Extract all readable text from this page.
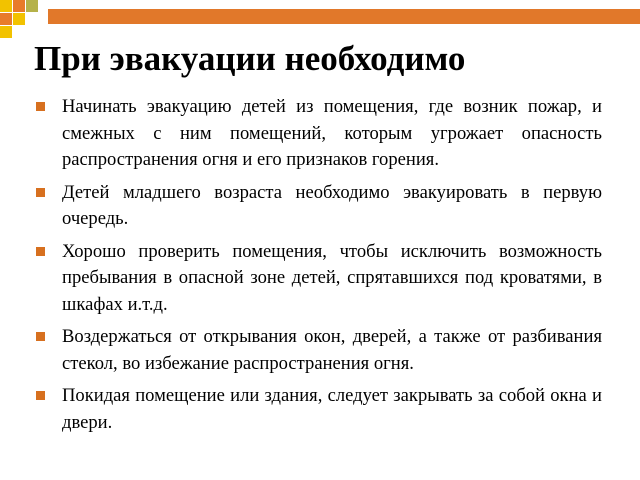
При эвакуации необходимо
Начинать эвакуацию детей из помещения, где возник пожар, и смежных с ним помещений, которым угрожает опасность распространения огня и его признаков горения.
Детей младшего возраста необходимо эвакуировать в первую очередь.
Хорошо проверить помещения, чтобы исключить возможность пребывания в опасной зоне детей, спрятавшихся под кроватями, в шкафах и.т.д.
Воздержаться от открывания окон, дверей, а также от разбивания стекол, во избежание распространения огня.
Покидая помещение или здания, следует закрывать за собой окна и двери.
